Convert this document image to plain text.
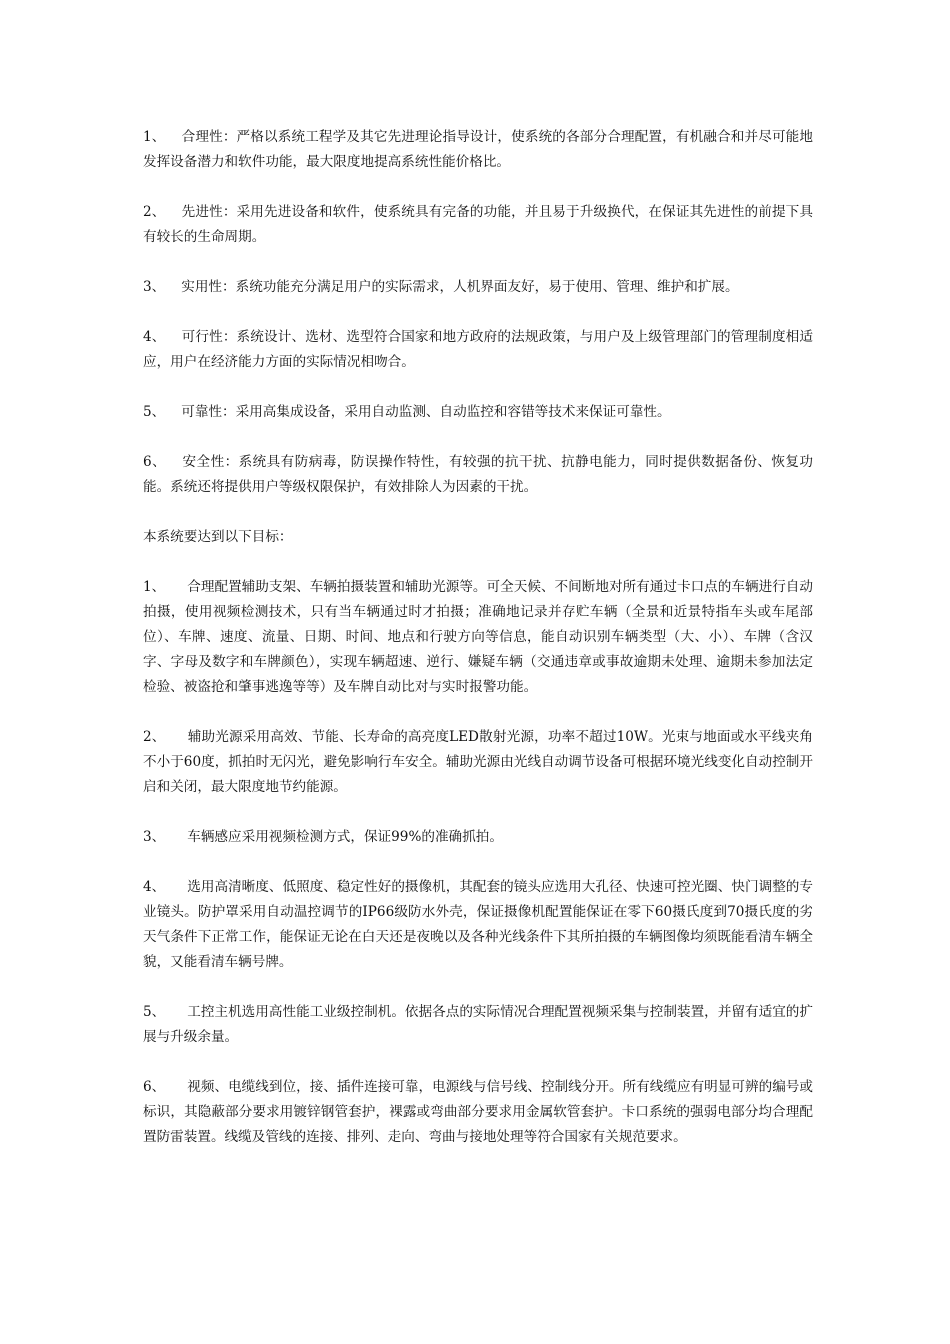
1、 合理性：严格以系统工程学及其它先进理论指导设计，使系统的各部分合理配置，有机融合和并尽可能地发挥设备潜力和软件功能，最大限度地提高系统性能价格比。

2、 先进性：采用先进设备和软件，使系统具有完备的功能，并且易于升级换代，在保证其先进性的前提下具有较长的生命周期。

3、 实用性：系统功能充分满足用户的实际需求，人机界面友好，易于使用、管理、维护和扩展。

4、 可行性：系统设计、选材、选型符合国家和地方政府的法规政策，与用户及上级管理部门的管理制度相适应，用户在经济能力方面的实际情况相吻合。

5、 可靠性：采用高集成设备，采用自动监测、自动监控和容错等技术来保证可靠性。

6、 安全性：系统具有防病毒，防误操作特性，有较强的抗干扰、抗静电能力，同时提供数据备份、恢复功能。系统还将提供用户等级权限保护，有效排除人为因素的干扰。

本系统要达到以下目标：

1、 合理配置辅助支架、车辆拍摄装置和辅助光源等。可全天候、不间断地对所有通过卡口点的车辆进行自动拍摄，使用视频检测技术，只有当车辆通过时才拍摄；准确地记录并存贮车辆（全景和近景特指车头或车尾部位）、车牌、速度、流量、日期、时间、地点和行驶方向等信息，能自动识别车辆类型（大、小）、车牌（含汉字、字母及数字和车牌颜色），实现车辆超速、逆行、嫌疑车辆（交通违章或事故逾期未处理、逾期未参加法定检验、被盗抢和肇事逃逸等等）及车牌自动比对与实时报警功能。

2、 辅助光源采用高效、节能、长寿命的高亮度LED散射光源，功率不超过10W。光束与地面或水平线夹角不小于60度，抓拍时无闪光，避免影响行车安全。辅助光源由光线自动调节设备可根据环境光线变化自动控制开启和关闭，最大限度地节约能源。

3、 车辆感应采用视频检测方式，保证99%的准确抓拍。

4、 选用高清晰度、低照度、稳定性好的摄像机，其配套的镜头应选用大孔径、快速可控光圈、快门调整的专业镜头。防护罩采用自动温控调节的IP66级防水外壳，保证摄像机配置能保证在零下60摄氏度到70摄氏度的劣天气条件下正常工作，能保证无论在白天还是夜晚以及各种光线条件下其所拍摄的车辆图像均须既能看清车辆全貌，又能看清车辆号牌。

5、 工控主机选用高性能工业级控制机。依据各点的实际情况合理配置视频采集与控制装置，并留有适宜的扩展与升级余量。

6、 视频、电缆线到位，接、插件连接可靠，电源线与信号线、控制线分开。所有线缆应有明显可辨的编号或标识，其隐蔽部分要求用镀锌钢管套护，裸露或弯曲部分要求用金属软管套护。卡口系统的强弱电部分均合理配置防雷装置。线缆及管线的连接、排列、走向、弯曲与接地处理等符合国家有关规范要求。
